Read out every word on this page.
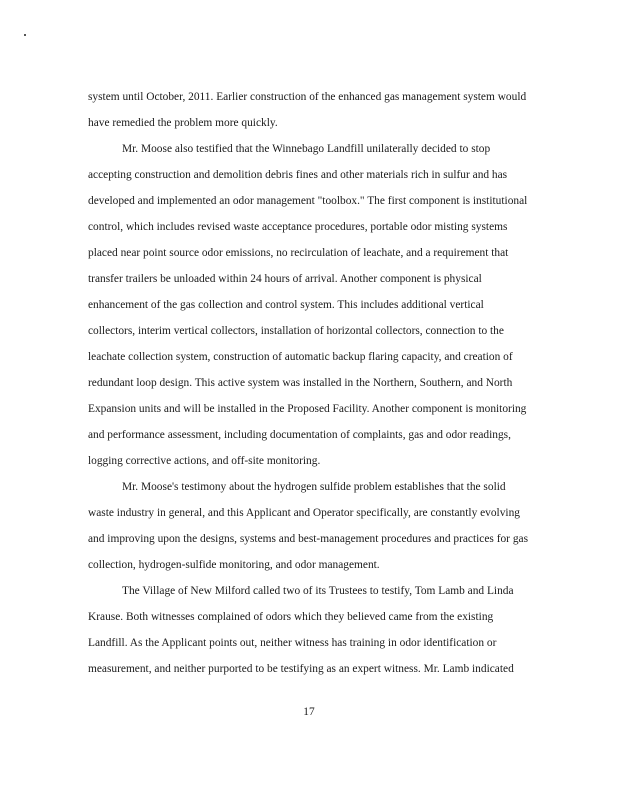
system until October, 2011. Earlier construction of the enhanced gas management system would
have remedied the problem more quickly.
Mr. Moose also testified that the Winnebago Landfill unilaterally decided to stop
accepting construction and demolition debris fines and other materials rich in sulfur and has
developed and implemented an odor management "toolbox." The first component is institutional
control, which includes revised waste acceptance procedures, portable odor misting systems
placed near point source odor emissions, no recirculation of leachate, and a requirement that
transfer trailers be unloaded within 24 hours of arrival. Another component is physical
enhancement of the gas collection and control system. This includes additional vertical
collectors, interim vertical collectors, installation of horizontal collectors, connection to the
leachate collection system, construction of automatic backup flaring capacity, and creation of
redundant loop design. This active system was installed in the Northern, Southern, and North
Expansion units and will be installed in the Proposed Facility. Another component is monitoring
and performance assessment, including documentation of complaints, gas and odor readings,
logging corrective actions, and off-site monitoring.
Mr. Moose's testimony about the hydrogen sulfide problem establishes that the solid
waste industry in general, and this Applicant and Operator specifically, are constantly evolving
and improving upon the designs, systems and best-management procedures and practices for gas
collection, hydrogen-sulfide monitoring, and odor management.
The Village of New Milford called two of its Trustees to testify, Tom Lamb and Linda
Krause. Both witnesses complained of odors which they believed came from the existing
Landfill. As the Applicant points out, neither witness has training in odor identification or
measurement, and neither purported to be testifying as an expert witness. Mr. Lamb indicated
17
